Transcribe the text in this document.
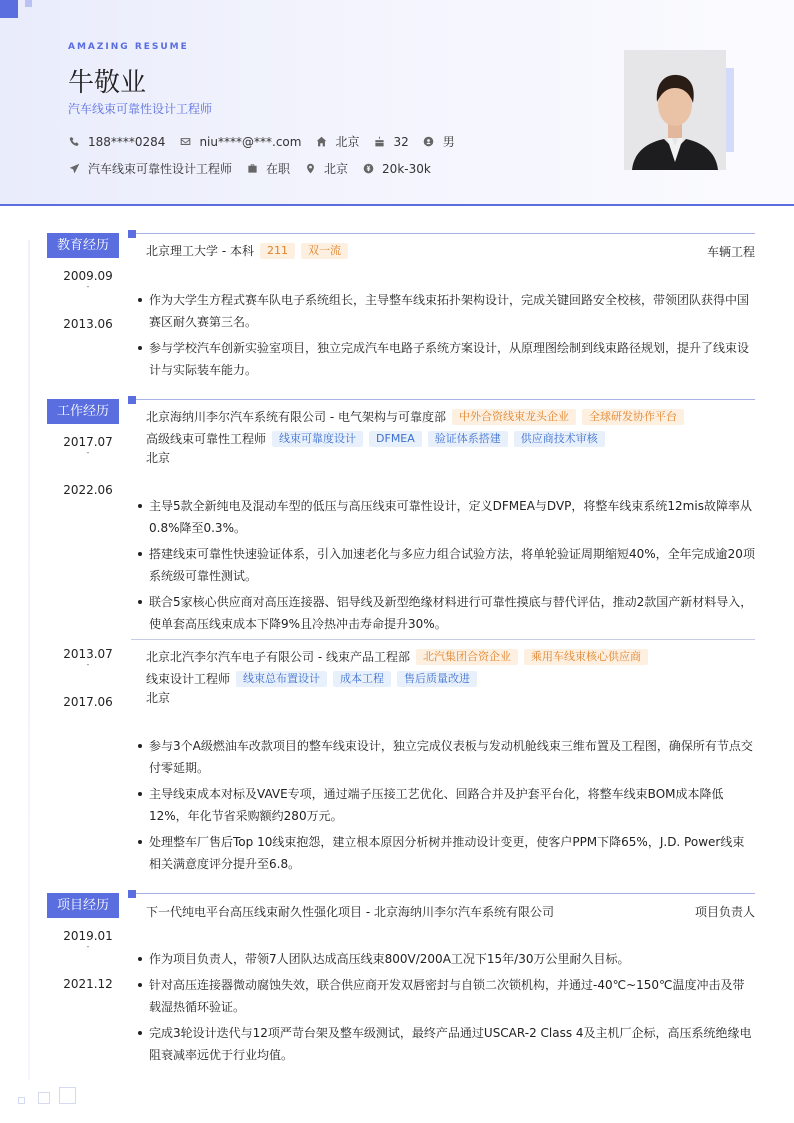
AMAZING RESUME
牛敬业
汽车线束可靠性设计工程师
188****0284	niu****@***.com	北京	32	男
汽车线束可靠性设计工程师	在职	北京	20k-30k
教育经历	北京理工大学 - 本科	211	双一流	车辆工程
2009.09
-

2013.06
作为大学生方程式赛车队电子系统组长，主导整车线束拓扑架构设计，完成关键回路安全校核，带领团队获得中国赛区耐久赛第三名。
参与学校汽车创新实验室项目，独立完成汽车电路子系统方案设计，从原理图绘制到线束路径规划，提升了线束设计与实际装车能力。
工作经历	北京海纳川李尔汽车系统有限公司 - 电气架构与可靠度部	中外合资线束龙头企业	全球研发协作平台
高级线束可靠性工程师	线束可靠度设计	DFMEA	验证体系搭建	供应商技术审核
北京
2017.07
-

2022.06
主导5款全新纯电及混动车型的低压与高压线束可靠性设计，定义DFMEA与DVP，将整车线束系统12mis故障率从0.8%降至0.3%。
搭建线束可靠性快速验证体系，引入加速老化与多应力组合试验方法，将单轮验证周期缩短40%，全年完成逾20项系统级可靠性测试。
联合5家核心供应商对高压连接器、铝导线及新型绝缘材料进行可靠性摸底与替代评估，推动2款国产新材料导入，使单套高压线束成本下降9%且冷热冲击寿命提升30%。
北京北汽李尔汽车电子有限公司 - 线束产品工程部	北汽集团合资企业	乘用车线束核心供应商
线束设计工程师	线束总布置设计	成本工程	售后质量改进
北京
2013.07
-

2017.06
参与3个A级燃油车改款项目的整车线束设计，独立完成仪表板与发动机舱线束三维布置及工程图，确保所有节点交付零延期。
主导线束成本对标及VAVE专项，通过端子压接工艺优化、回路合并及护套平台化，将整车线束BOM成本降低12%，年化节省采购额约280万元。
处理整车厂售后Top 10线束抱怨，建立根本原因分析树并推动设计变更，使客户PPM下降65%，J.D. Power线束相关满意度评分提升至6.8。
项目经历	下一代纯电平台高压线束耐久性强化项目 - 北京海纳川李尔汽车系统有限公司	项目负责人
2019.01
-

2021.12
作为项目负责人，带领7人团队达成高压线束800V/200A工况下15年/30万公里耐久目标。
针对高压连接器微动腐蚀失效，联合供应商开发双唇密封与自锁二次锁机构，并通过-40℃~150℃温度冲击及带载湿热循环验证。
完成3轮设计迭代与12项严苛台架及整车级测试，最终产品通过USCAR-2 Class 4及主机厂企标，高压系统绝缘电阻衰减率远优于行业均值。
